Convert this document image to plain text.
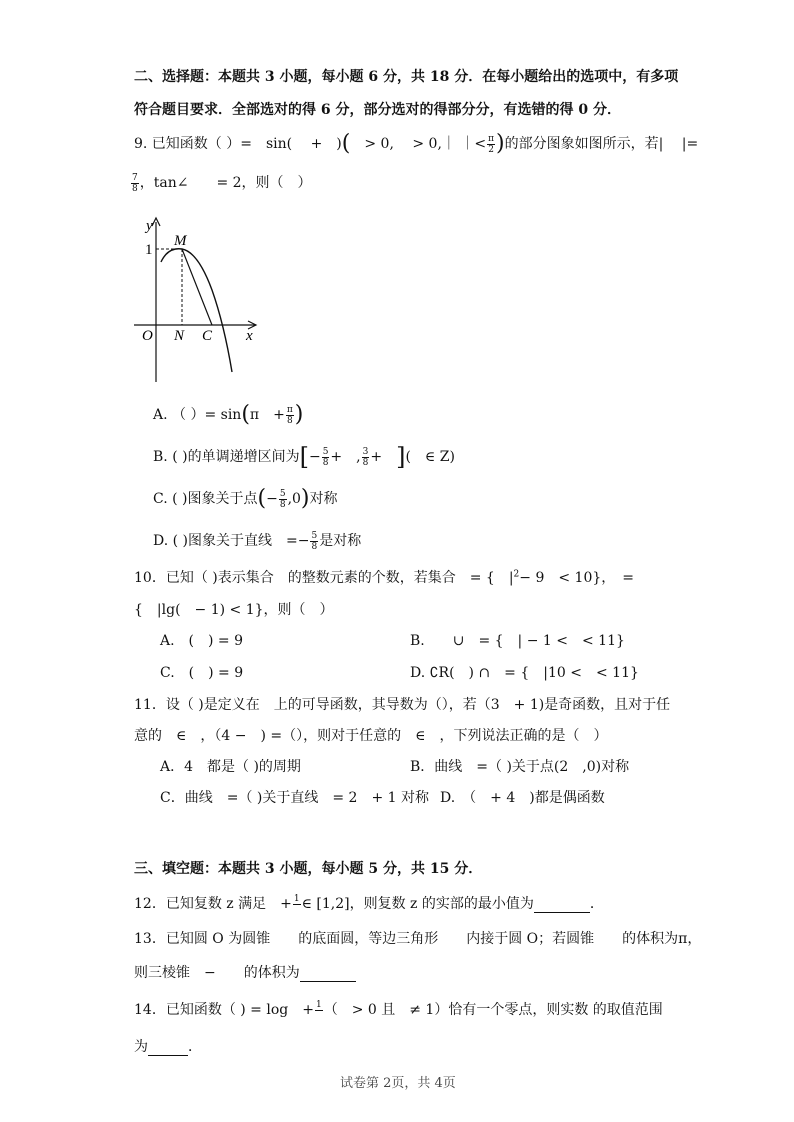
二、选择题：本题共 3 小题，每小题 6 分，共 18 分．在每小题给出的选项中，有多项
符合题目要求．全部选对的得 6 分，部分选对的得部分分，有选错的得 0 分．
9. 已知函数（ ）=　sin(　 +　)(　> 0,　 > 0,｜ ｜< $\frac{\pi}{2}$ )的部分图象如图所示，若|　 |=
$\frac{7}{8}$ ，tan∠　　= 2，则（　）
y
x
1
M
O N C
A. （ ）= sin(π　+ $\frac{\pi}{8}$ )
B. ( )的单调递增区间为[− $\frac{5}{8}$ +　, $\frac{3}{8}$ +　 ](　∈ Z)
C. ( )图象关于点(− $\frac{5}{8} ,0$)对称
D. ( )图象关于直线　=− $\frac{5}{8}$ 是对称
10．已知（ )表示集合　的整数元素的个数，若集合　= {　$|^2- 9$　< 10}，　=
{　|lg(　− 1) < 1}，则（　）
A.　(　) = 9	B.　　∪　= {　| − 1 <　< 11}
C.　(　) = 9	D. ∁R(　) ∩　= {　|10 <　< 11}
11．设（ )是定义在　上的可导函数，其导数为（），若（3　+ 1)是奇函数，且对于任
意的　∈　，（4 −　) =（），则对于任意的　∈　，下列说法正确的是（　）
A．4　都是（ )的周期	B．曲线　=（ )关于点(2　,0)对称
C．曲线　=（ )关于直线　= 2　+ 1 对称 D.　（　+ 4　)都是偶函数
三、填空题：本题共 3 小题，每小题 5 分，共 15 分．
12．已知复数 z 满足　+ 1
∈ [1,2]，则复数 z 的实部的最小值为	．
13．已知圆 O 为圆锥　　的底面圆，等边三角形　　内接于圆 O；若圆锥　　的体积为π，
则三棱锥　−　　的体积为
14．已知函数（ ) = log　+ 1
（　> 0 且　≠ 1）恰有一个零点，则实数 的取值范围
为	．
试卷第 2页，共 4页
